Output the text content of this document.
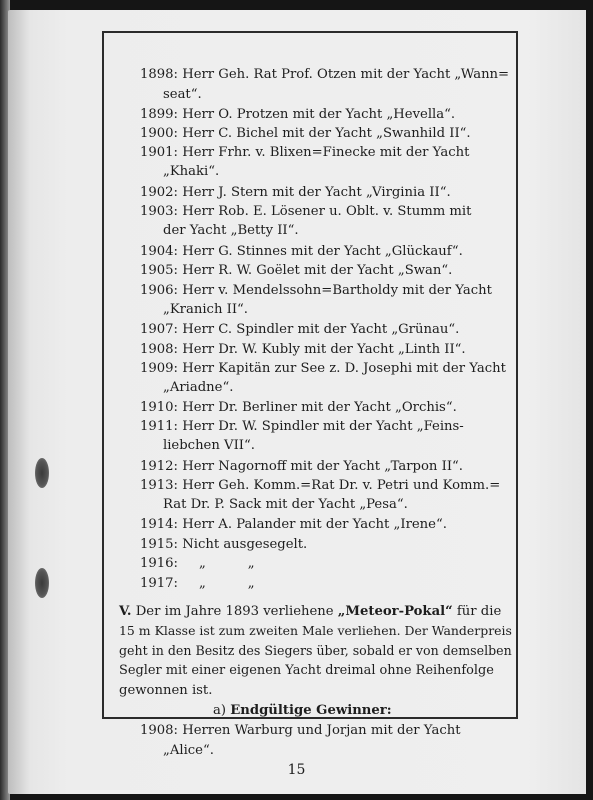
1898: Herr Geh. Rat Prof. Otzen mit der Yacht „Wann=
seat“.
1899: Herr O. Protzen mit der Yacht „Hevella“.
1900: Herr C. Bichel mit der Yacht „Swanhild II“.
1901: Herr Frhr. v. Blixen=Finecke mit der Yacht
„Khaki“.
1902: Herr J. Stern mit der Yacht „Virginia II“.
1903: Herr Rob. E. Lösener u. Oblt. v. Stumm mit
der Yacht „Betty II“.
1904: Herr G. Stinnes mit der Yacht „Glückauf“.
1905: Herr R. W. Goëlet mit der Yacht „Swan“.
1906: Herr v. Mendelssohn=Bartholdy mit der Yacht
„Kranich II“.
1907: Herr C. Spindler mit der Yacht „Grünau“.
1908: Herr Dr. W. Kubly mit der Yacht „Linth II“.
1909: Herr Kapitän zur See z. D. Josephi mit der Yacht
„Ariadne“.
1910: Herr Dr. Berliner mit der Yacht „Orchis“.
1911: Herr Dr. W. Spindler mit der Yacht „Feins-
liebchen VII“.
1912: Herr Nagornoff mit der Yacht „Tarpon II“.
1913: Herr Geh. Komm.=Rat Dr. v. Petri und Komm.=
Rat Dr. P. Sack mit der Yacht „Pesa“.
1914: Herr A. Palander mit der Yacht „Irene“.
1915: Nicht ausgesegelt.
1916:     „          „
1917:     „          „
V. Der im Jahre 1893 verliehene „Meteor-Pokal“ für die
15 m Klasse ist zum zweiten Male verliehen. Der Wanderpreis
geht in den Besitz des Siegers über, sobald er von demselben
Segler mit einer eigenen Yacht dreimal ohne Reihenfolge
gewonnen ist.
a) Endgültige Gewinner:
1908: Herren Warburg und Jorjan mit der Yacht
„Alice“.
15
